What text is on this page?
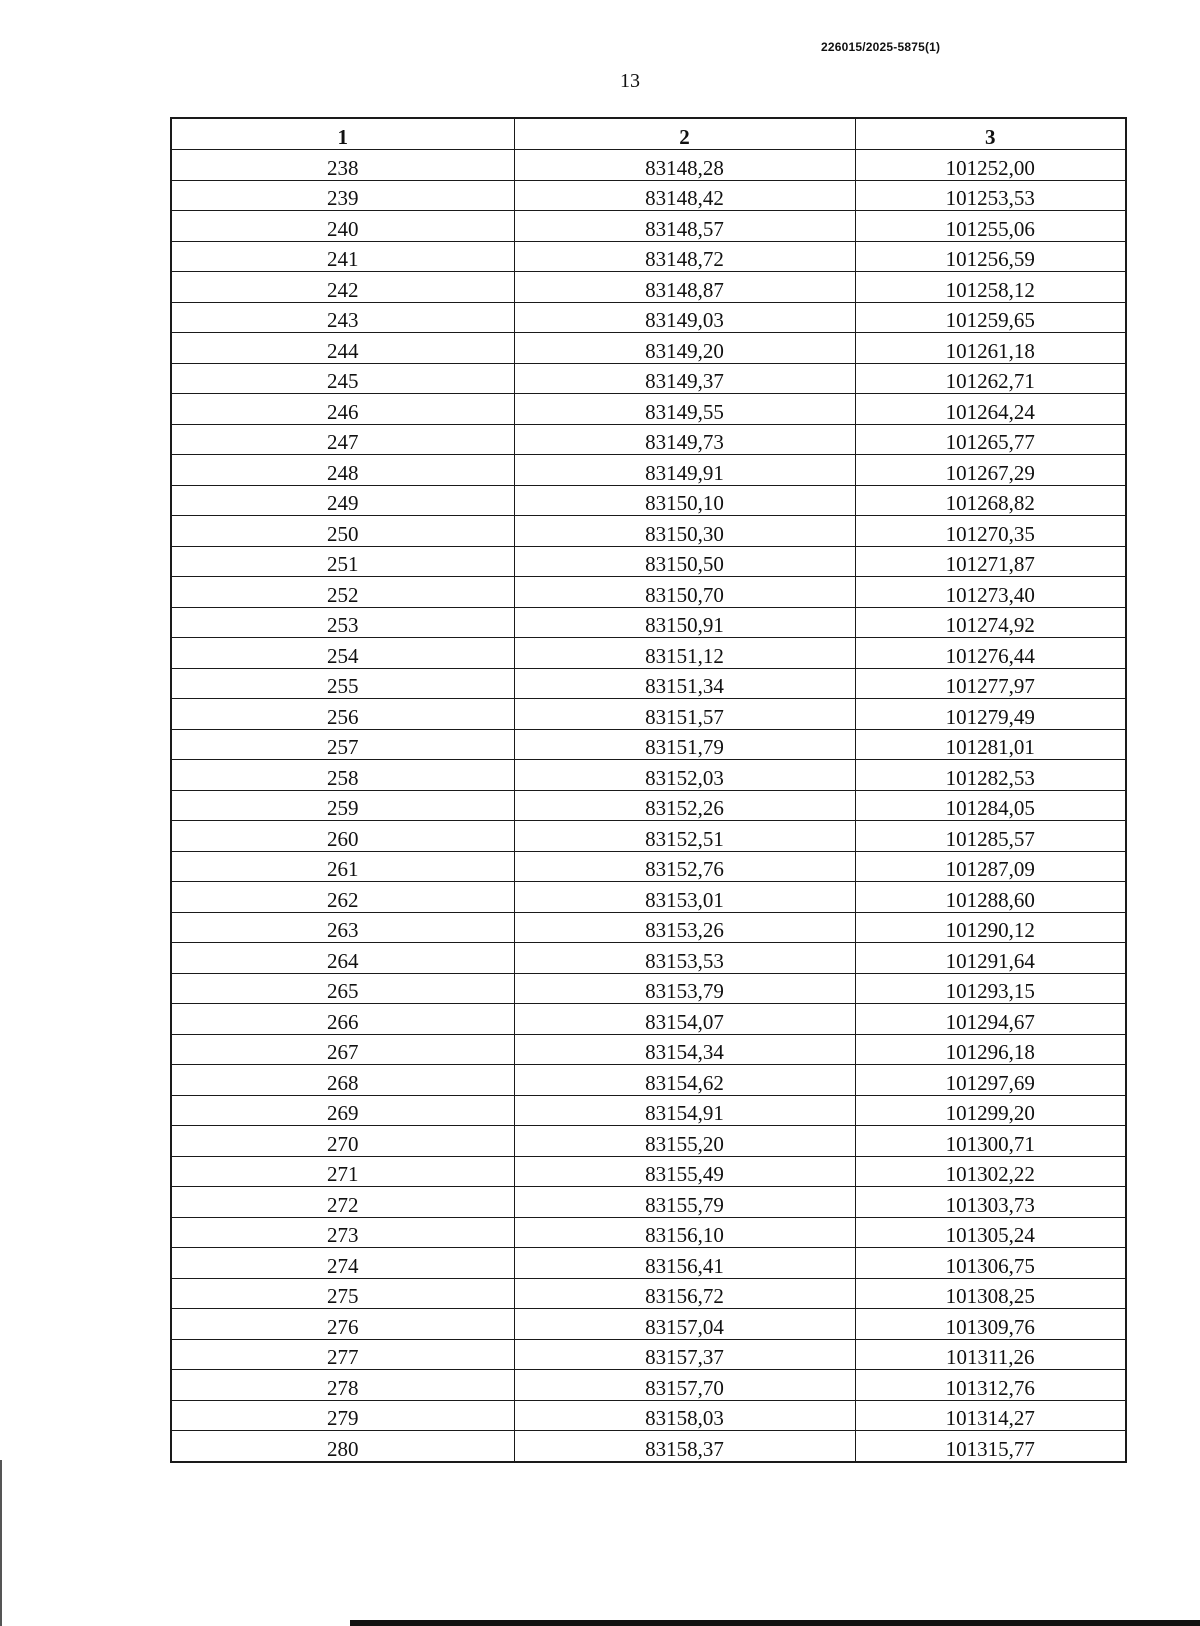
226015/2025-5875(1)
13
1	2	3
238	83148,28	101252,00
239	83148,42	101253,53
240	83148,57	101255,06
241	83148,72	101256,59
242	83148,87	101258,12
243	83149,03	101259,65
244	83149,20	101261,18
245	83149,37	101262,71
246	83149,55	101264,24
247	83149,73	101265,77
248	83149,91	101267,29
249	83150,10	101268,82
250	83150,30	101270,35
251	83150,50	101271,87
252	83150,70	101273,40
253	83150,91	101274,92
254	83151,12	101276,44
255	83151,34	101277,97
256	83151,57	101279,49
257	83151,79	101281,01
258	83152,03	101282,53
259	83152,26	101284,05
260	83152,51	101285,57
261	83152,76	101287,09
262	83153,01	101288,60
263	83153,26	101290,12
264	83153,53	101291,64
265	83153,79	101293,15
266	83154,07	101294,67
267	83154,34	101296,18
268	83154,62	101297,69
269	83154,91	101299,20
270	83155,20	101300,71
271	83155,49	101302,22
272	83155,79	101303,73
273	83156,10	101305,24
274	83156,41	101306,75
275	83156,72	101308,25
276	83157,04	101309,76
277	83157,37	101311,26
278	83157,70	101312,76
279	83158,03	101314,27
280	83158,37	101315,77
